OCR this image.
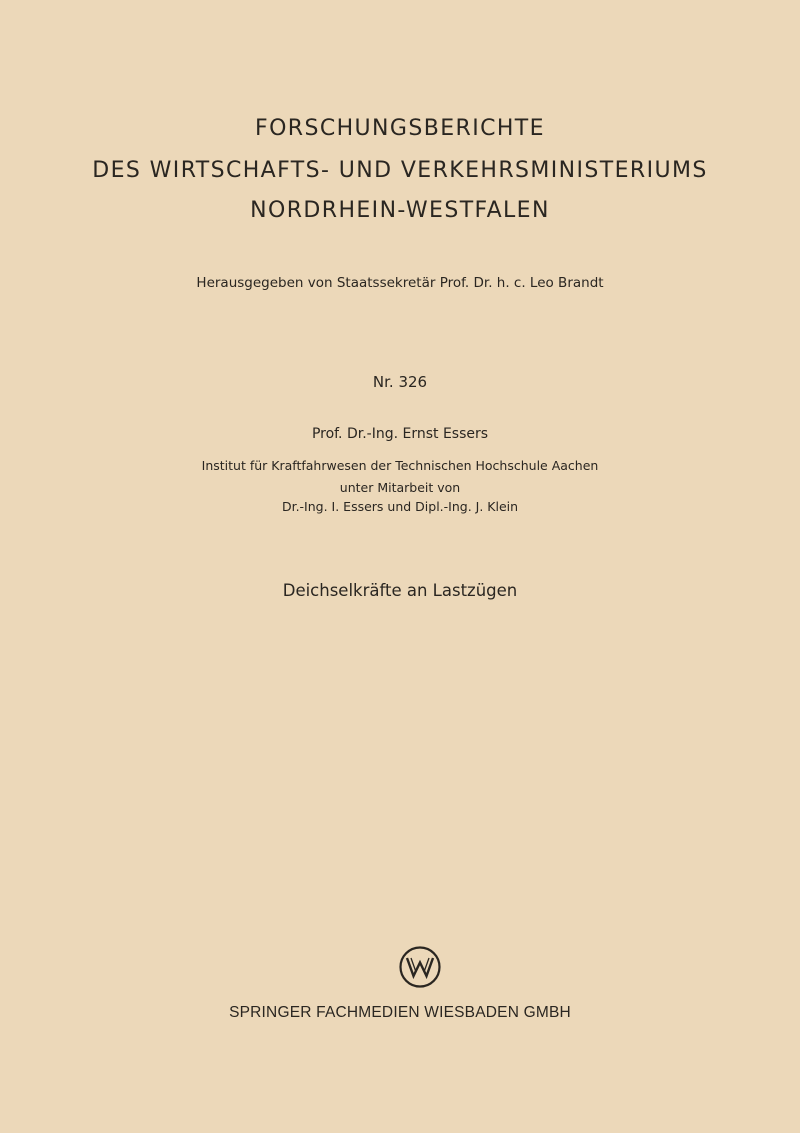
FORSCHUNGSBERICHTE
DES WIRTSCHAFTS- UND VERKEHRSMINISTERIUMS
NORDRHEIN-WESTFALEN
Herausgegeben von Staatssekretär Prof. Dr. h. c. Leo Brandt
Nr. 326
Prof. Dr.-Ing. Ernst Essers
Institut für Kraftfahrwesen der Technischen Hochschule Aachen
unter Mitarbeit von
Dr.-Ing. I. Essers und Dipl.-Ing. J. Klein
Deichselkräfte an Lastzügen
SPRINGER FACHMEDIEN WIESBADEN GMBH
